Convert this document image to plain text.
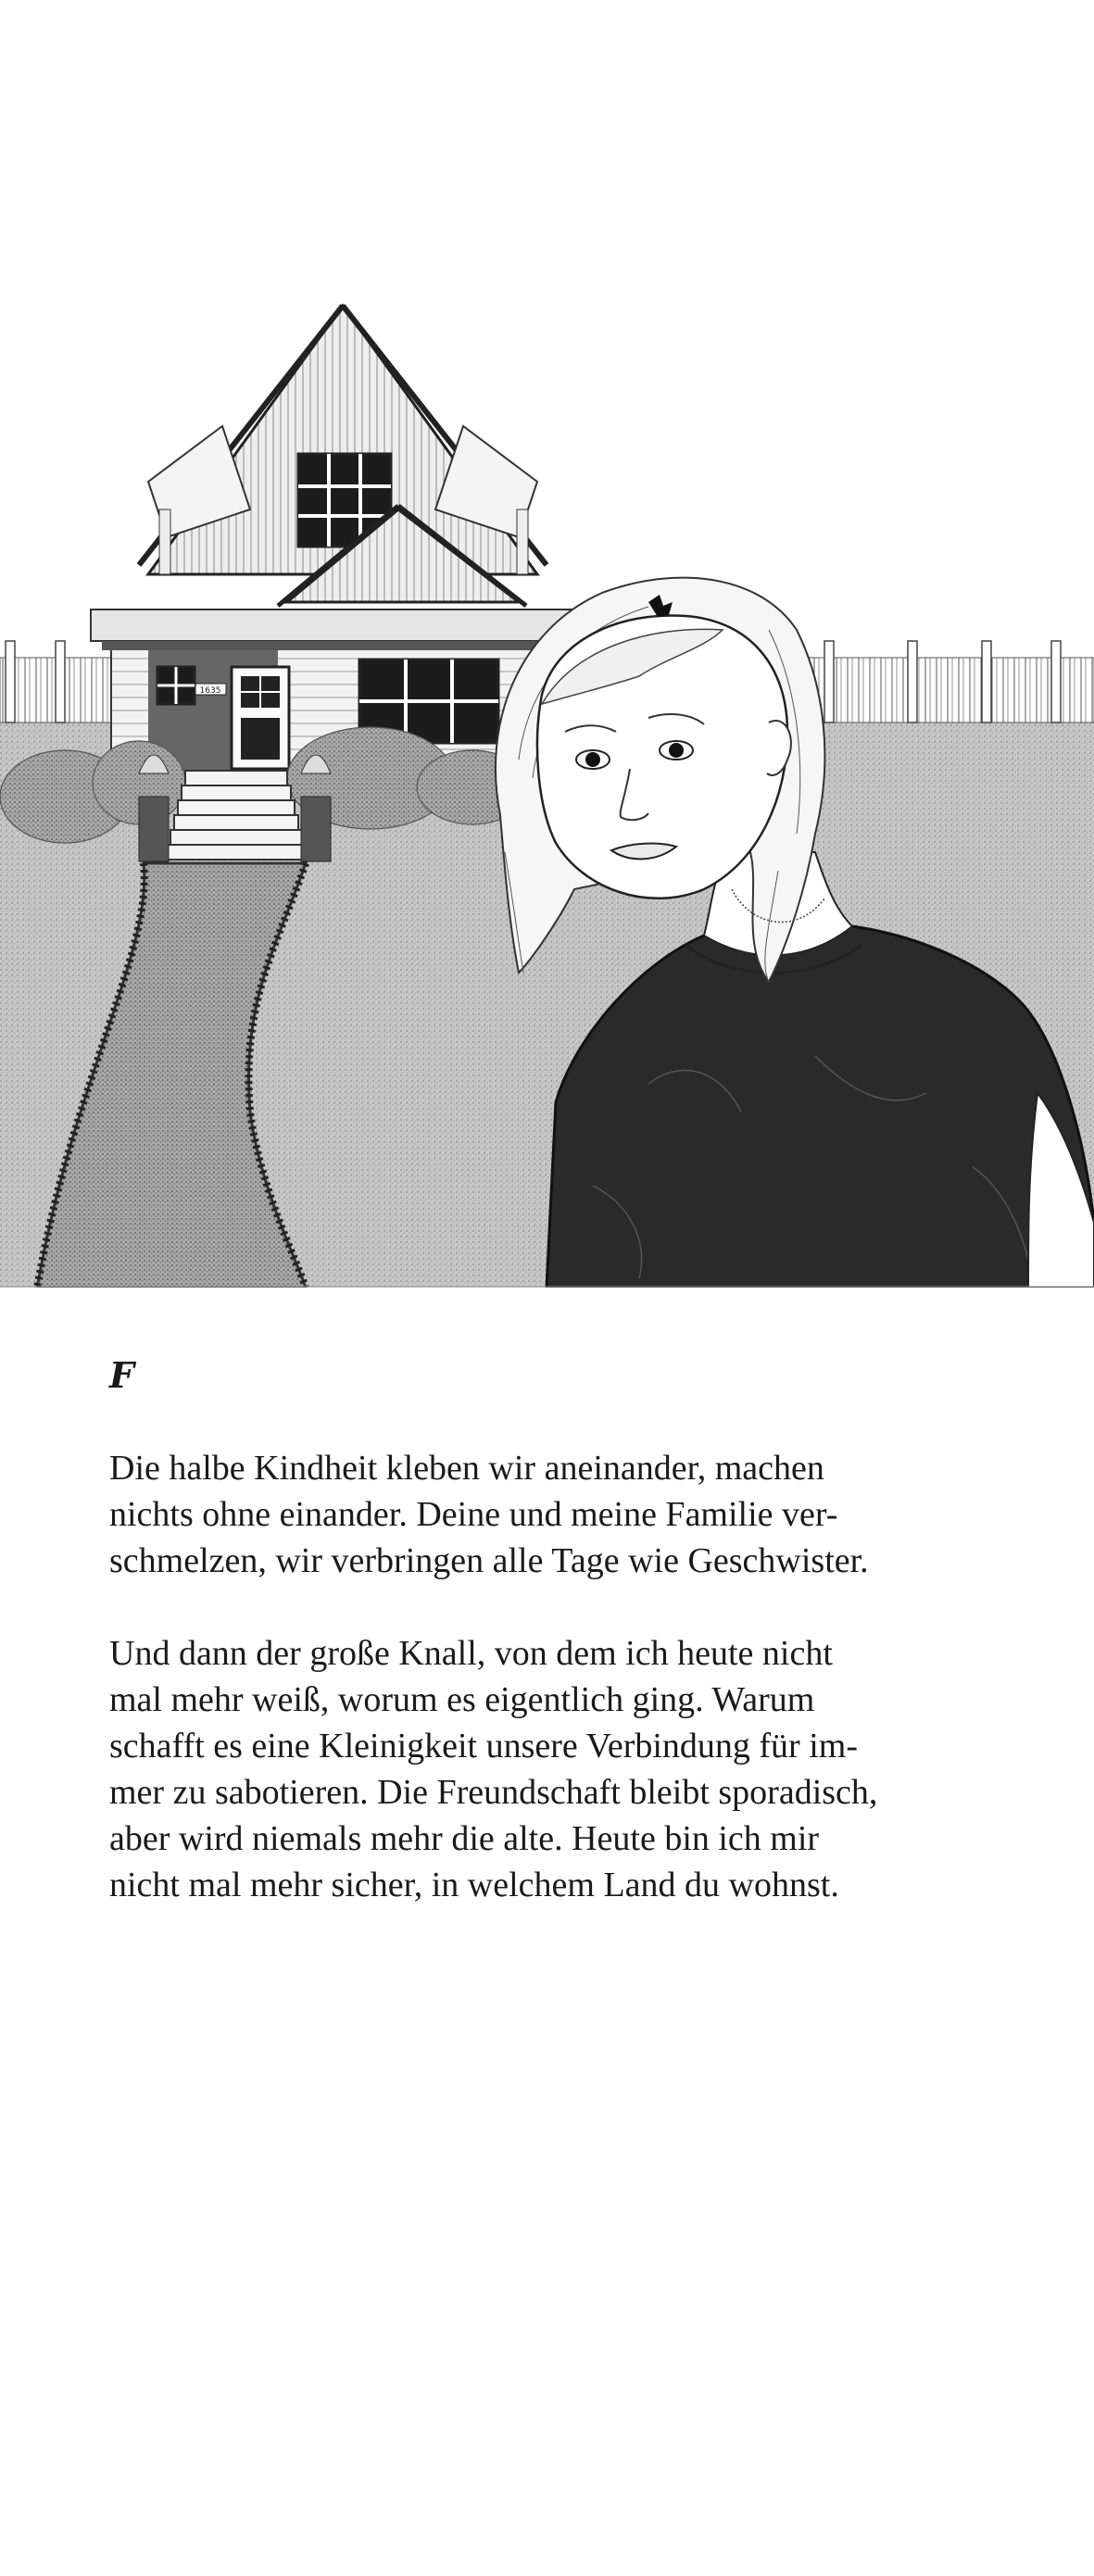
1635

F

Die halbe Kindheit kleben wir aneinander, machen
nichts ohne einander. Deine und meine Familie ver-
schmelzen, wir verbringen alle Tage wie Geschwister.

Und dann der große Knall, von dem ich heute nicht
mal mehr weiß, worum es eigentlich ging. Warum
schafft es eine Kleinigkeit unsere Verbindung für im-
mer zu sabotieren. Die Freundschaft bleibt sporadisch,
aber wird niemals mehr die alte. Heute bin ich mir
nicht mal mehr sicher, in welchem Land du wohnst.
